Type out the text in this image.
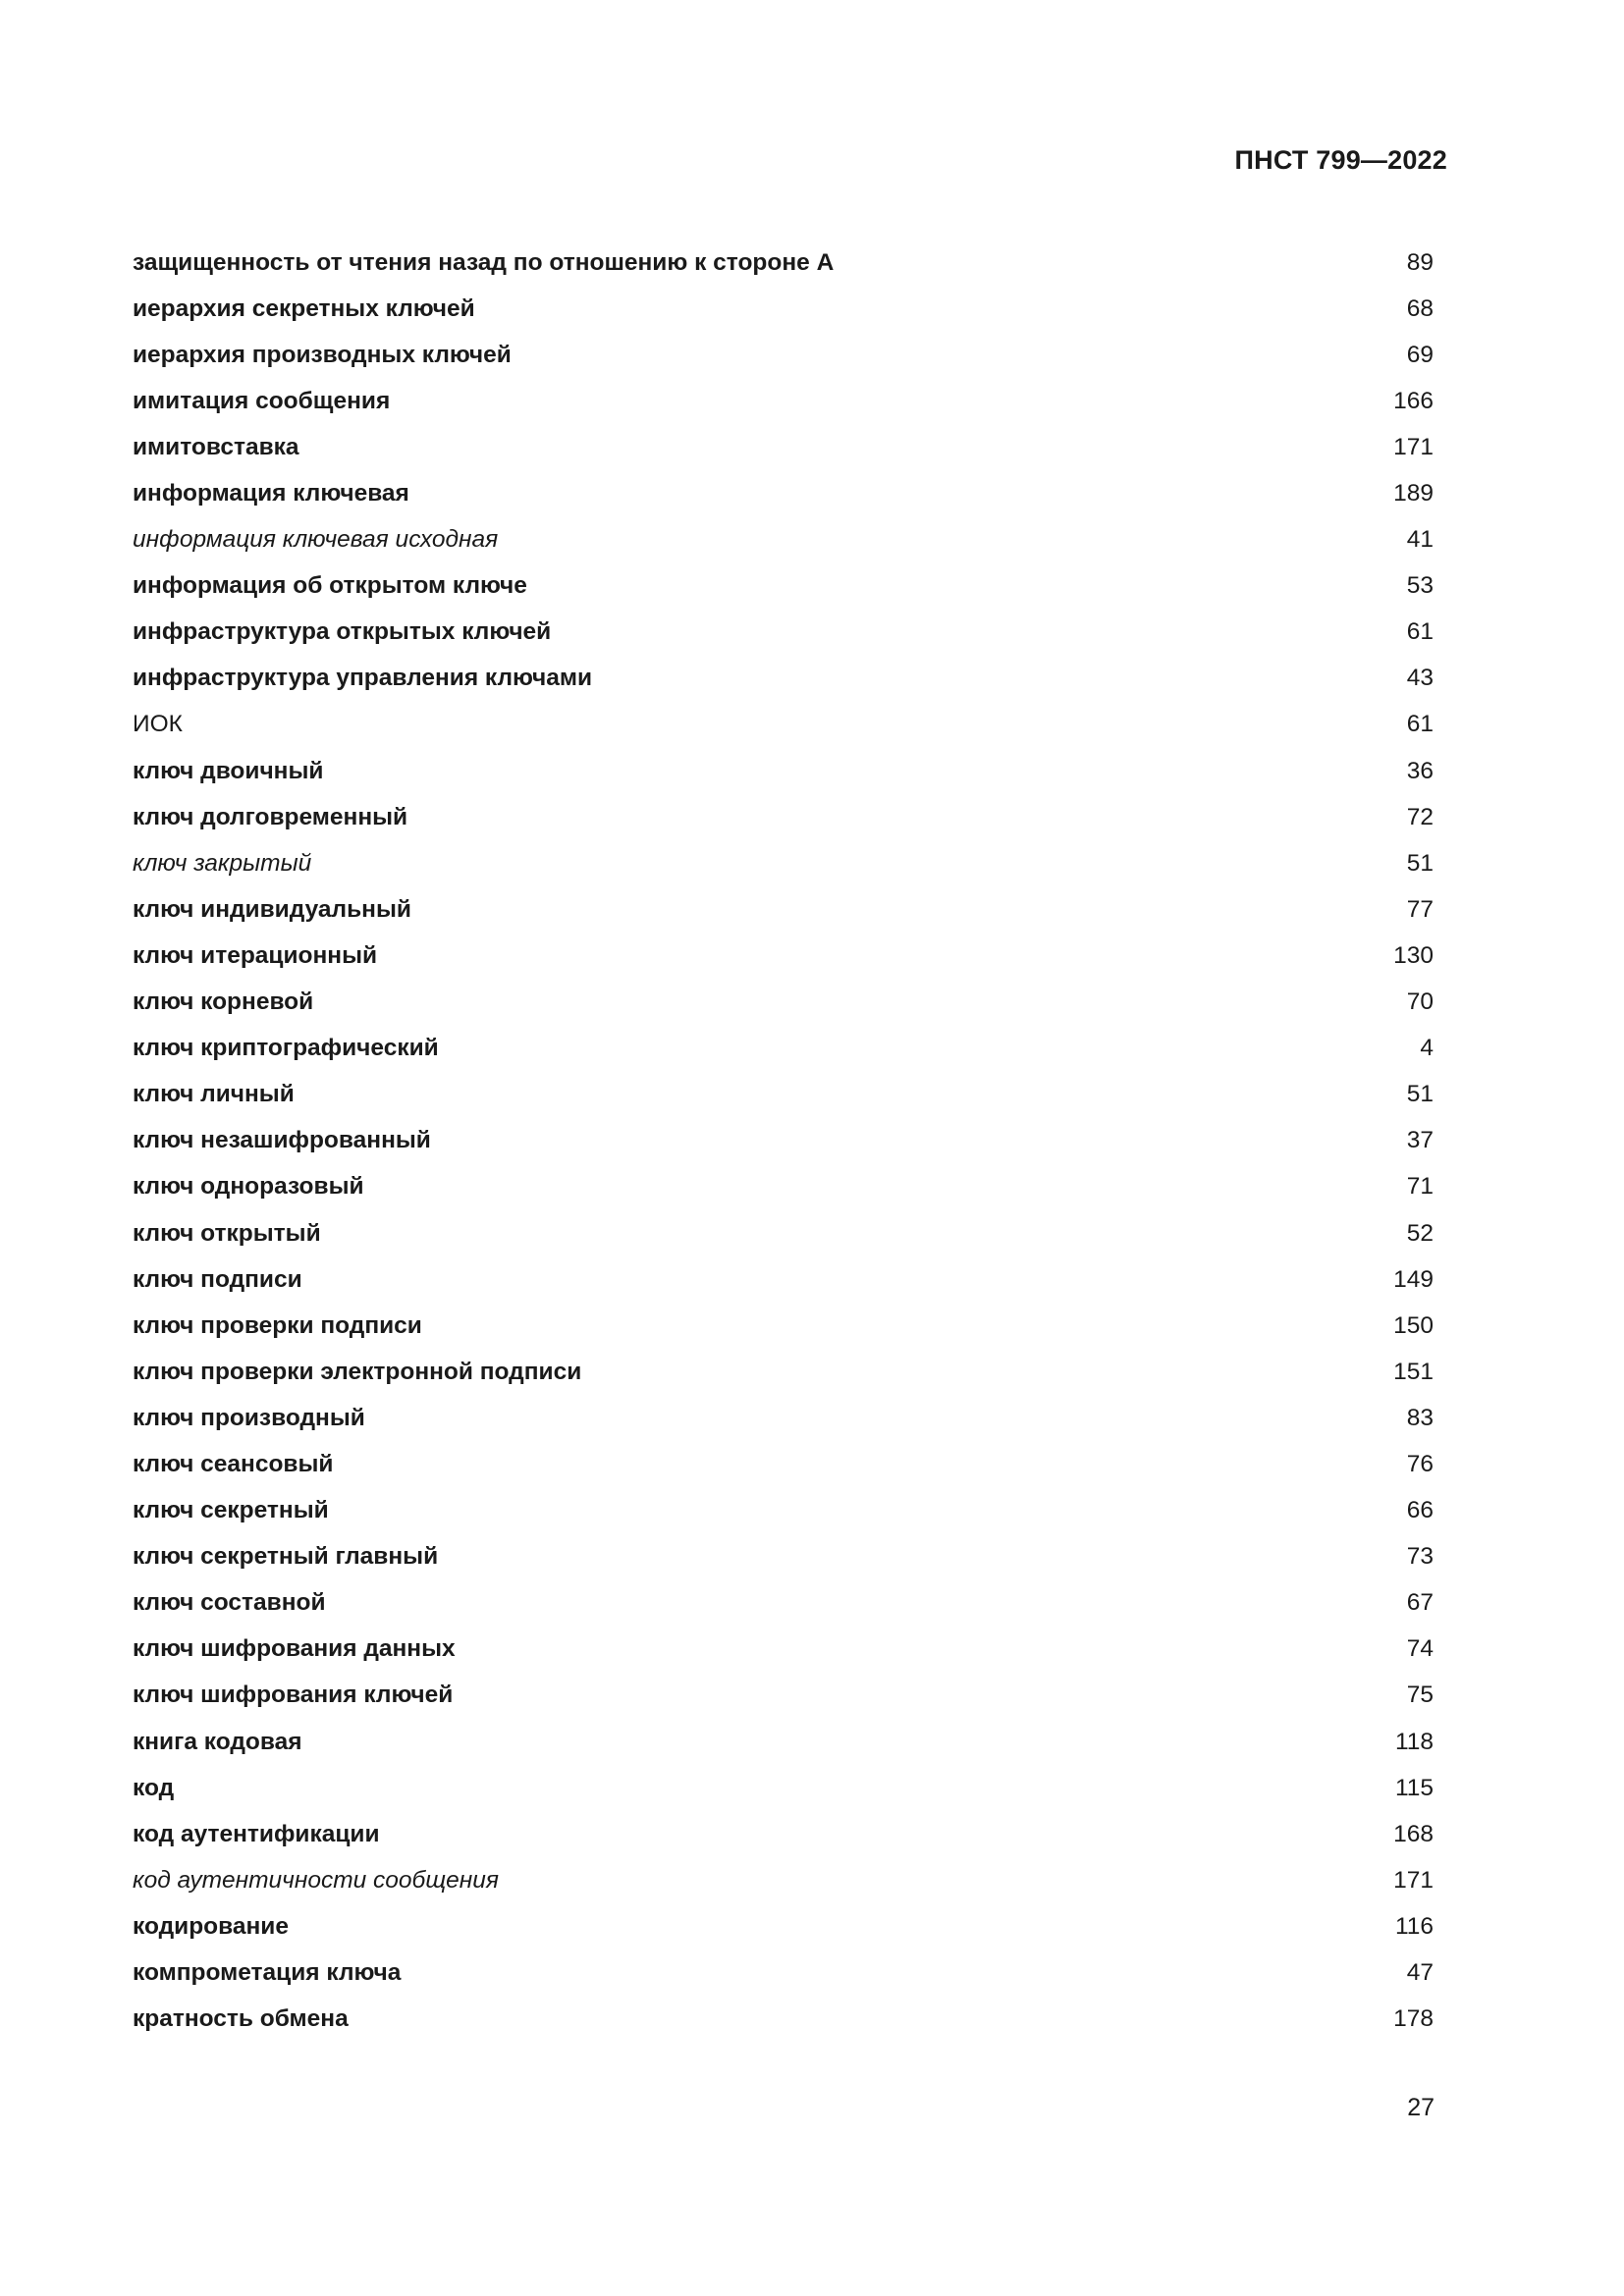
ПНСТ 799—2022
защищенность от чтения назад по отношению к стороне А	89
иерархия секретных ключей	68
иерархия производных ключей	69
имитация сообщения	166
имитовставка	171
информация ключевая	189
информация ключевая исходная	41
информация об открытом ключе	53
инфраструктура открытых ключей	61
инфраструктура управления ключами	43
ИОК	61
ключ двоичный	36
ключ долговременный	72
ключ закрытый	51
ключ индивидуальный	77
ключ итерационный	130
ключ корневой	70
ключ криптографический	4
ключ личный	51
ключ незашифрованный	37
ключ одноразовый	71
ключ открытый	52
ключ подписи	149
ключ проверки подписи	150
ключ проверки электронной подписи	151
ключ производный	83
ключ сеансовый	76
ключ секретный	66
ключ секретный главный	73
ключ составной	67
ключ шифрования данных	74
ключ шифрования ключей	75
книга кодовая	118
код	115
код аутентификации	168
код аутентичности сообщения	171
кодирование	116
компрометация ключа	47
кратность обмена	178
27
